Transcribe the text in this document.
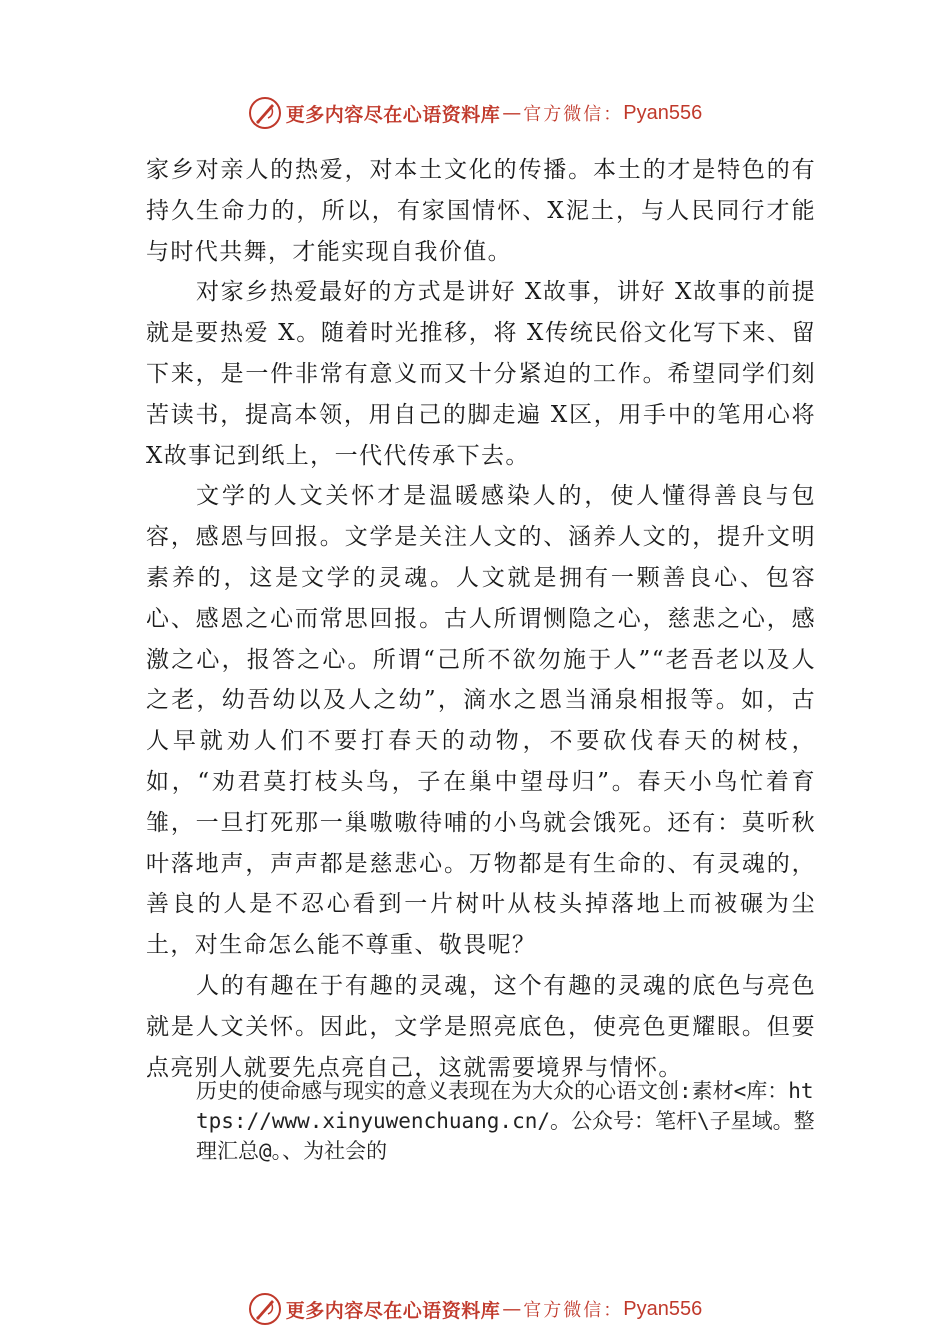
更多内容尽在心语资料库 — 官方微信： Pyan556

家乡对亲人的热爱，对本土文化的传播。本土的才是特色的有持久生命力的，所以，有家国情怀、X泥土，与人民同行才能与时代共舞，才能实现自我价值。

对家乡热爱最好的方式是讲好 X故事，讲好 X故事的前提就是要热爱 X。随着时光推移，将 X传统民俗文化写下来、留下来，是一件非常有意义而又十分紧迫的工作。希望同学们刻苦读书，提高本领，用自己的脚走遍 X区，用手中的笔用心将 X故事记到纸上，一代代传承下去。

文学的人文关怀才是温暖感染人的，使人懂得善良与包容，感恩与回报。文学是关注人文的、涵养人文的，提升文明素养的，这是文学的灵魂。人文就是拥有一颗善良心、包容心、感恩之心而常思回报。古人所谓恻隐之心，慈悲之心，感激之心，报答之心。所谓“己所不欲勿施于人”“老吾老以及人之老，幼吾幼以及人之幼”，滴水之恩当涌泉相报等。如，古人早就劝人们不要打春天的动物，不要砍伐春天的树枝，如，“劝君莫打枝头鸟，子在巢中望母归”。春天小鸟忙着育雏，一旦打死那一巢嗷嗷待哺的小鸟就会饿死。还有：莫听秋叶落地声，声声都是慈悲心。万物都是有生命的、有灵魂的，善良的人是不忍心看到一片树叶从枝头掉落地上而被碾为尘土，对生命怎么能不尊重、敬畏呢？

人的有趣在于有趣的灵魂，这个有趣的灵魂的底色与亮色就是人文关怀。因此，文学是照亮底色，使亮色更耀眼。但要点亮别人就要先点亮自己，这就需要境界与情怀。

历史的使命感与现实的意义表现在为大众的心语文创:素材<库：https://www.xinyuwenchuang.cn/。公众号：笔杆\子星域。整理汇总@。、为社会的

更多内容尽在心语资料库 — 官方微信： Pyan556
